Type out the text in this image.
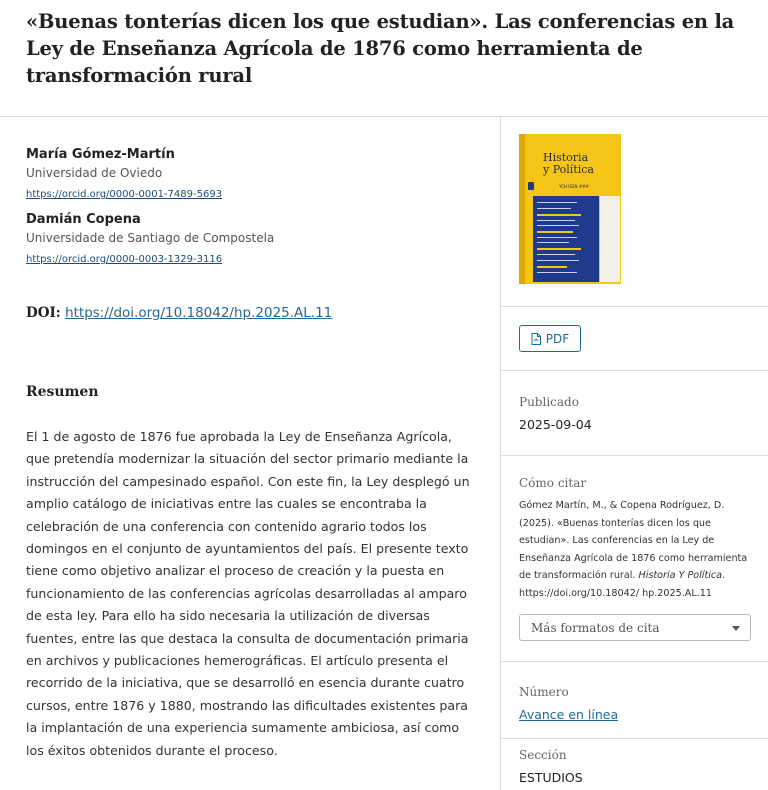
«Buenas tonterías dicen los que estudian». Las conferencias en la Ley de Enseñanza Agrícola de 1876 como herramienta de transformación rural
María Gómez-Martín
Universidad de Oviedo
https://orcid.org/0000-0001-7489-5693
Damián Copena
Universidade de Santiago de Compostela
https://orcid.org/0000-0003-1329-3116
DOI: https://doi.org/10.18042/hp.2025.AL.11
Resumen

El 1 de agosto de 1876 fue aprobada la Ley de Enseñanza Agrícola, que pretendía modernizar la situación del sector primario mediante la instrucción del campesinado español. Con este fin, la Ley desplegó un amplio catálogo de iniciativas entre las cuales se encontraba la celebración de una conferencia con contenido agrario todos los domingos en el conjunto de ayuntamientos del país. El presente texto tiene como objetivo analizar el proceso de creación y la puesta en funcionamiento de las conferencias agrícolas desarrolladas al amparo de esta ley. Para ello ha sido necesaria la utilización de diversas fuentes, entre las que destaca la consulta de documentación primaria en archivos y publicaciones hemerográficas. El artículo presenta el recorrido de la iniciativa, que se desarrolló en esencia durante cuatro cursos, entre 1876 y 1880, mostrando las dificultades existentes para la implantación de una experiencia sumamente ambiciosa, así como los éxitos obtenidos durante el proceso.

Historia
y Política
YCH ISSN ###
PDF
Publicado
2025-09-04
Cómo citar
Gómez Martín, M., & Copena Rodríguez, D. (2025). «Buenas tonterías dicen los que estudian». Las conferencias en la Ley de Enseñanza Agrícola de 1876 como herramienta de transformación rural. Historia Y Política. https://doi.org/10.18042/ hp.2025.AL.11
Más formatos de cita
Número
Avance en línea
Sección
ESTUDIOS
